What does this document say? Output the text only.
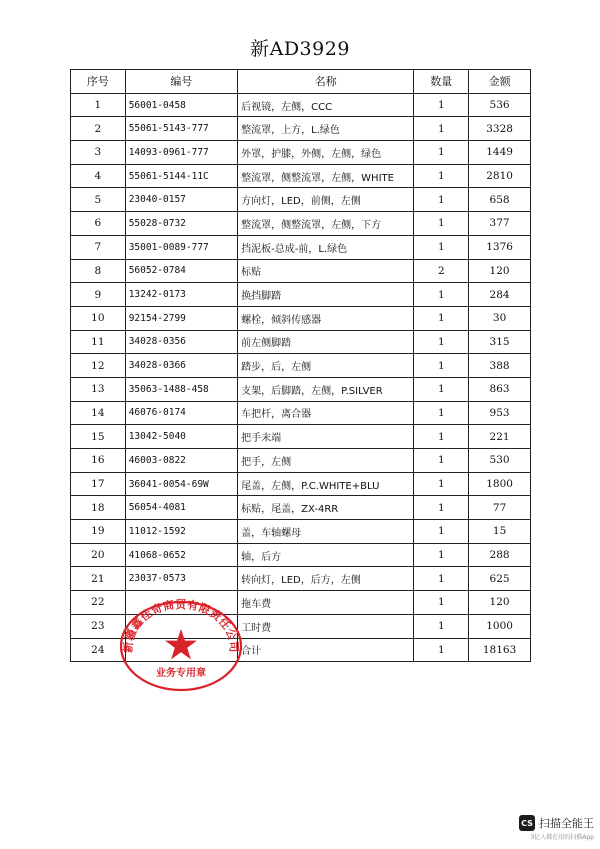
新AD3929
序号	编号	名称	数量	金额
1	56001-0458	后视镜，左侧，CCC	1	536
2	55061-5143-777	整流罩，上方，L.绿色	1	3328
3	14093-0961-777	外罩，护膝，外侧，左侧，绿色	1	1449
4	55061-5144-11C	整流罩，侧整流罩，左侧，WHITE	1	2810
5	23040-0157	方向灯，LED，前侧，左侧	1	658
6	55028-0732	整流罩，侧整流罩，左侧，下方	1	377
7	35001-0089-777	挡泥板-总成-前，L.绿色	1	1376
8	56052-0784	标贴	2	120
9	13242-0173	换挡脚踏	1	284
10	92154-2799	螺栓，倾斜传感器	1	30
11	34028-0356	前左侧脚踏	1	315
12	34028-0366	踏步，后，左侧	1	388
13	35063-1488-458	支架，后脚踏，左侧，P.SILVER	1	863
14	46076-0174	车把杆，离合器	1	953
15	13042-5040	把手末端	1	221
16	46003-0822	把手，左侧	1	530
17	36041-0054-69W	尾盖，左侧，P.C.WHITE+BLU	1	1800
18	56054-4081	标贴，尾盖，ZX-4RR	1	77
19	11012-1592	盖，车轴螺母	1	15
20	41068-0652	轴，后方	1	288
21	23037-0573	转向灯，LED，后方，左侧	1	625
22		拖车费	1	120
23		工时费	1	1000
24		合计	1	18163
新疆鑫佳奇商贸有限责任公司
业务专用章
CS 扫描全能王
3亿人都在用的扫描App
